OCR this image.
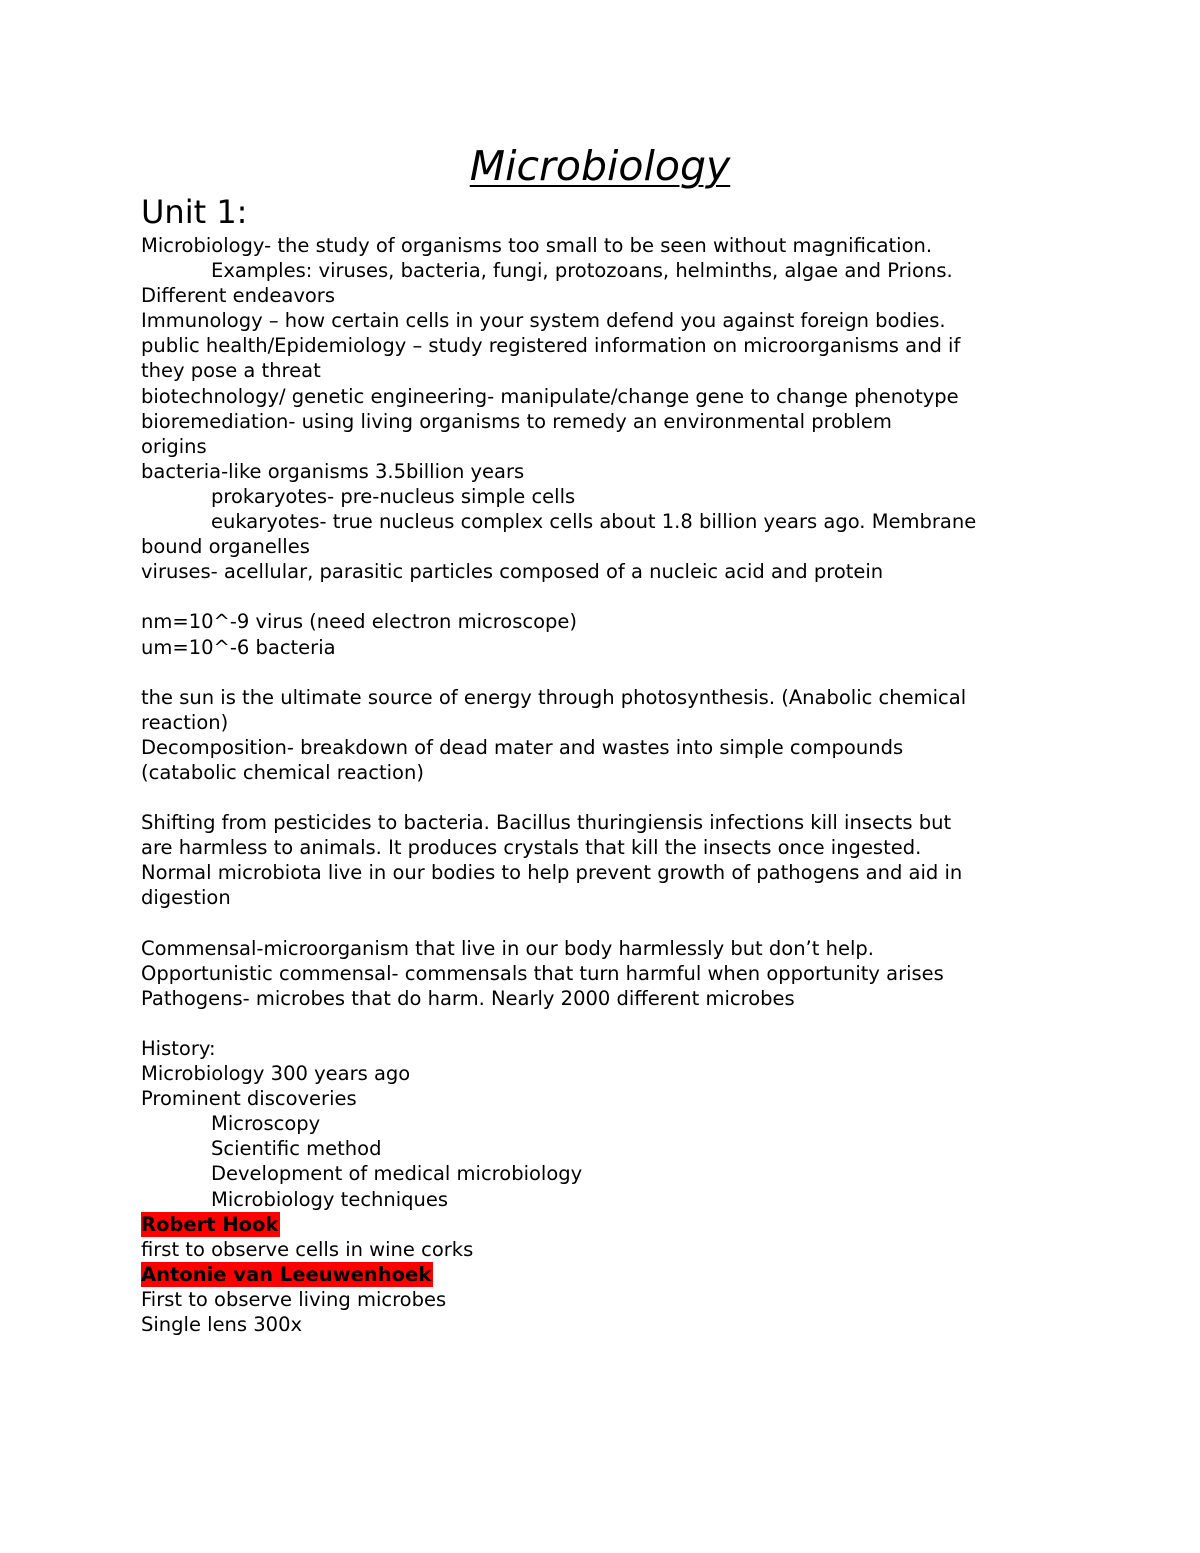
Microbiology
Unit 1:
Microbiology- the study of organisms too small to be seen without magnification.
Examples: viruses, bacteria, fungi, protozoans, helminths, algae and Prions.
Different endeavors
Immunology – how certain cells in your system defend you against foreign bodies.
public health/Epidemiology – study registered information on microorganisms and if
they pose a threat
biotechnology/ genetic engineering- manipulate/change gene to change phenotype
bioremediation- using living organisms to remedy an environmental problem
origins
bacteria-like organisms 3.5billion years
prokaryotes- pre-nucleus simple cells
eukaryotes- true nucleus complex cells about 1.8 billion years ago. Membrane
bound organelles
viruses- acellular, parasitic particles composed of a nucleic acid and protein
nm=10^-9 virus (need electron microscope)
um=10^-6 bacteria
the sun is the ultimate source of energy through photosynthesis. (Anabolic chemical
reaction)
Decomposition- breakdown of dead mater and wastes into simple compounds
(catabolic chemical reaction)
Shifting from pesticides to bacteria. Bacillus thuringiensis infections kill insects but
are harmless to animals. It produces crystals that kill the insects once ingested.
Normal microbiota live in our bodies to help prevent growth of pathogens and aid in
digestion
Commensal-microorganism that live in our body harmlessly but don’t help.
Opportunistic commensal- commensals that turn harmful when opportunity arises
Pathogens- microbes that do harm. Nearly 2000 different microbes
History:
Microbiology 300 years ago
Prominent discoveries
Microscopy
Scientific method
Development of medical microbiology
Microbiology techniques
Robert Hook
first to observe cells in wine corks
Antonie van Leeuwenhoek
First to observe living microbes
Single lens 300x
